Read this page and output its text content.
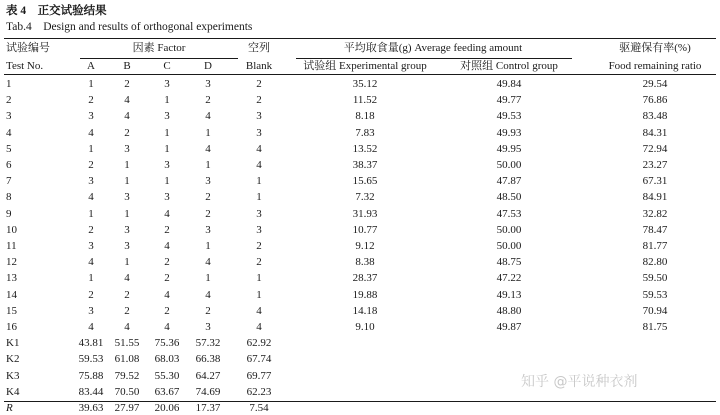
表 4　正交试验结果
Tab.4　Design and results of orthogonal experiments
试验编号
Test No.
因素 Factor
A	B	C	D
空列
Blank
平均取食量(g) Average feeding amount
试验组 Experimental group	对照组 Control group
驱避保有率(%)
Food remaining ratio
1	1	2	3	3	2	35.12	49.84	29.54
2	2	4	1	2	2	11.52	49.77	76.86
3	3	4	3	4	3	8.18	49.53	83.48
4	4	2	1	1	3	7.83	49.93	84.31
5	1	3	1	4	4	13.52	49.95	72.94
6	2	1	3	1	4	38.37	50.00	23.27
7	3	1	1	3	1	15.65	47.87	67.31
8	4	3	3	2	1	7.32	48.50	84.91
9	1	1	4	2	3	31.93	47.53	32.82
10	2	3	2	3	3	10.77	50.00	78.47
11	3	3	4	1	2	9.12	50.00	81.77
12	4	1	2	4	2	8.38	48.75	82.80
13	1	4	2	1	1	28.37	47.22	59.50
14	2	2	4	4	1	19.88	49.13	59.53
15	3	2	2	2	4	14.18	48.80	70.94
16	4	4	4	3	4	9.10	49.87	81.75
K1	43.81 51.55 75.36 57.32 62.92
K2	59.53 61.08 68.03 66.38 67.74
K3	75.88 79.52 55.30 64.27 69.77
K4	83.44 70.50 63.67 74.69 62.23
R	39.63 27.97 20.06 17.37	7.54
知乎 @平说种衣剂
